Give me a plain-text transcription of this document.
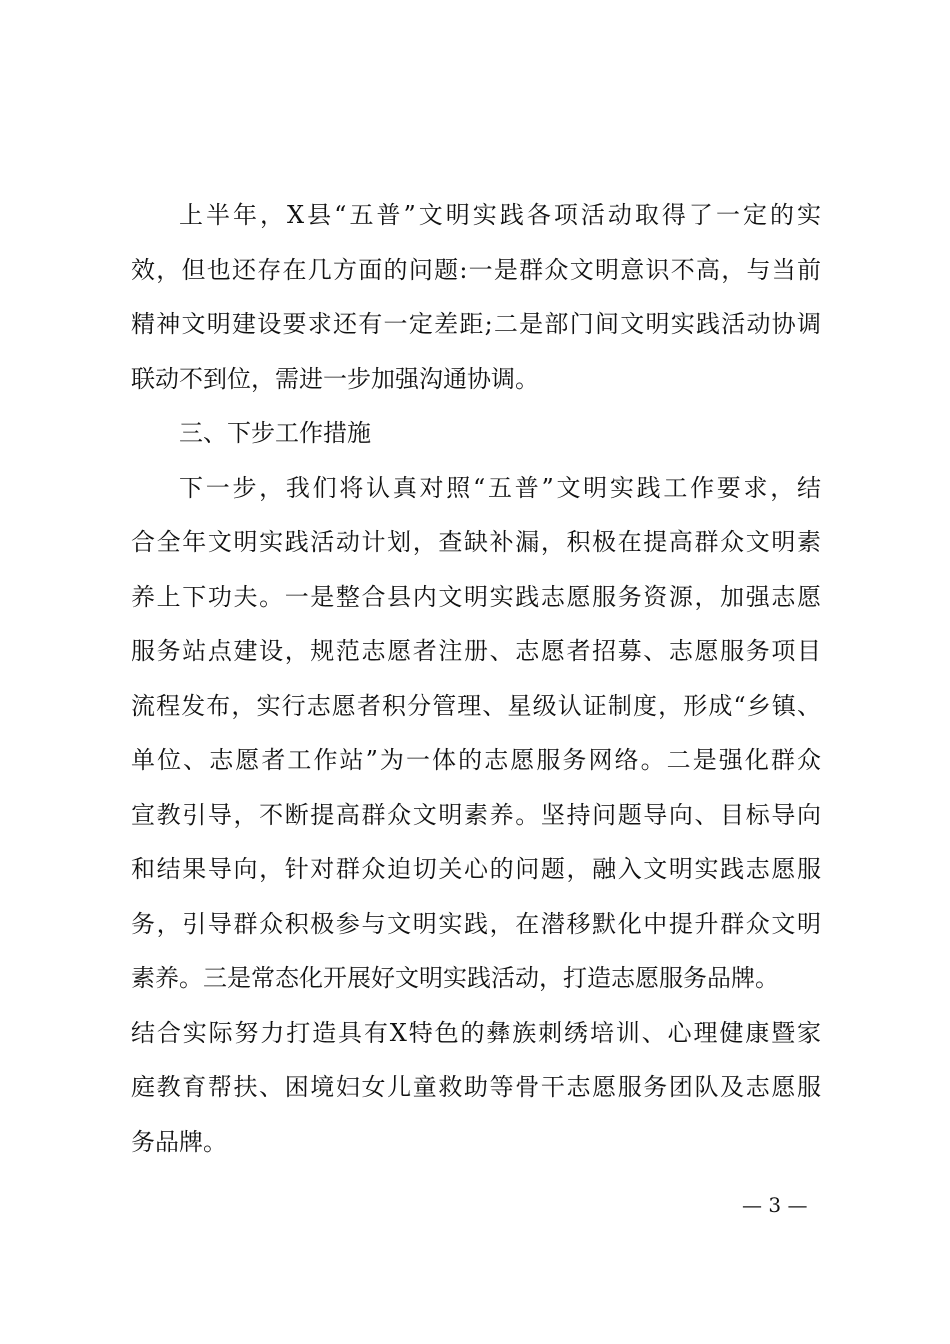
上半年，X县“五普”文明实践各项活动取得了一定的实
效，但也还存在几方面的问题:一是群众文明意识不高，与当前
精神文明建设要求还有一定差距;二是部门间文明实践活动协调
联动不到位，需进一步加强沟通协调。
三、下步工作措施
下一步，我们将认真对照“五普”文明实践工作要求，结
合全年文明实践活动计划，查缺补漏，积极在提高群众文明素
养上下功夫。一是整合县内文明实践志愿服务资源，加强志愿
服务站点建设，规范志愿者注册、志愿者招募、志愿服务项目
流程发布，实行志愿者积分管理、星级认证制度，形成“乡镇、
单位、志愿者工作站”为一体的志愿服务网络。二是强化群众
宣教引导，不断提高群众文明素养。坚持问题导向、目标导向
和结果导向，针对群众迫切关心的问题，融入文明实践志愿服
务，引导群众积极参与文明实践，在潜移默化中提升群众文明
素养。三是常态化开展好文明实践活动，打造志愿服务品牌。
结合实际努力打造具有X特色的彝族刺绣培训、心理健康暨家
庭教育帮扶、困境妇女儿童救助等骨干志愿服务团队及志愿服
务品牌。
— 3 —
